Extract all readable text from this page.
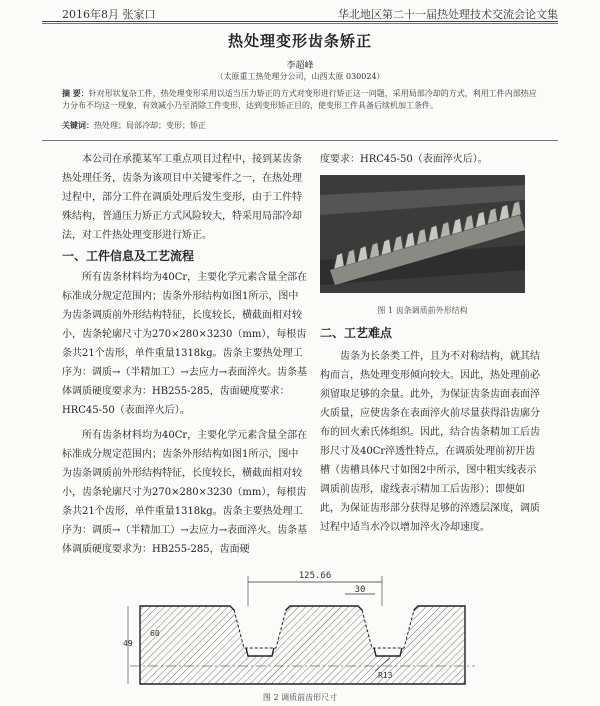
2016年8月 张家口	华北地区第二十一届热处理技术交流会论文集
热处理变形齿条矫正
李超峰
（太原重工热处理分公司，山西太原 030024）
摘 要：针对形状复杂工件，热处理变形采用以适当压力矫正的方式对变形进行矫正这一问题，采用局部冷却的方式，利用工件内部热应力分布不均这一现象，有效减小乃至消除工件变形，达到变形矫正目的，使变形工件具备后续机加工条件。
关键词：热处理；局部冷却；变形；矫正

本公司在承揽某军工重点项目过程中，接到某齿条热处理任务，齿条为该项目中关键零件之一，在热处理过程中，部分工件在调质处理后发生变形，由于工件特殊结构，普通压力矫正方式风险较大，特采用局部冷却法，对工件热处理变形进行矫正。

一、工件信息及工艺流程

所有齿条材料均为40Cr，主要化学元素含量全部在标准成分规定范围内；齿条外形结构如图1所示，图中为齿条调质前外形结构特征，长度较长，横截面相对较小，齿条轮廓尺寸为270×280×3230（mm），每根齿条共21个齿形，单件重量1318kg。齿条主要热处理工序为：调质→（半精加工）→去应力→表面淬火。齿条基体调质硬度要求为：HB255-285，齿面硬度要求：HRC45-50（表面淬火后）。

所有齿条材料均为40Cr，主要化学元素含量全部在标准成分规定范围内；齿条外形结构如图1所示，图中为齿条调质前外形结构特征，长度较长，横截面相对较小，齿条轮廓尺寸为270×280×3230（mm），每根齿条共21个齿形，单件重量1318kg。齿条主要热处理工序为：调质→（半精加工）→去应力→表面淬火。齿条基体调质硬度要求为：HB255-285，齿面硬

度要求：HRC45-50（表面淬火后）。
图 1 齿条调质前外形结构
二、工艺难点

齿条为长条类工件，且为不对称结构，就其结构而言，热处理变形倾向较大。因此，热处理前必须留取足够的余量。此外，为保证齿条齿面表面淬火质量，应使齿条在表面淬火前尽量获得沿齿廓分布的回火索氏体组织。因此，结合齿条精加工后齿形尺寸及40Cr淬透性特点，在调质处理前初开齿槽（齿槽具体尺寸如图2中所示，图中粗实线表示调质前齿形，虚线表示精加工后齿形）；即便如此，为保证齿形部分获得足够的淬透层深度，调质过程中适当水冷以增加淬火冷却速度。

125.66
30
49
60
R13
图 2 调质前齿形尺寸
